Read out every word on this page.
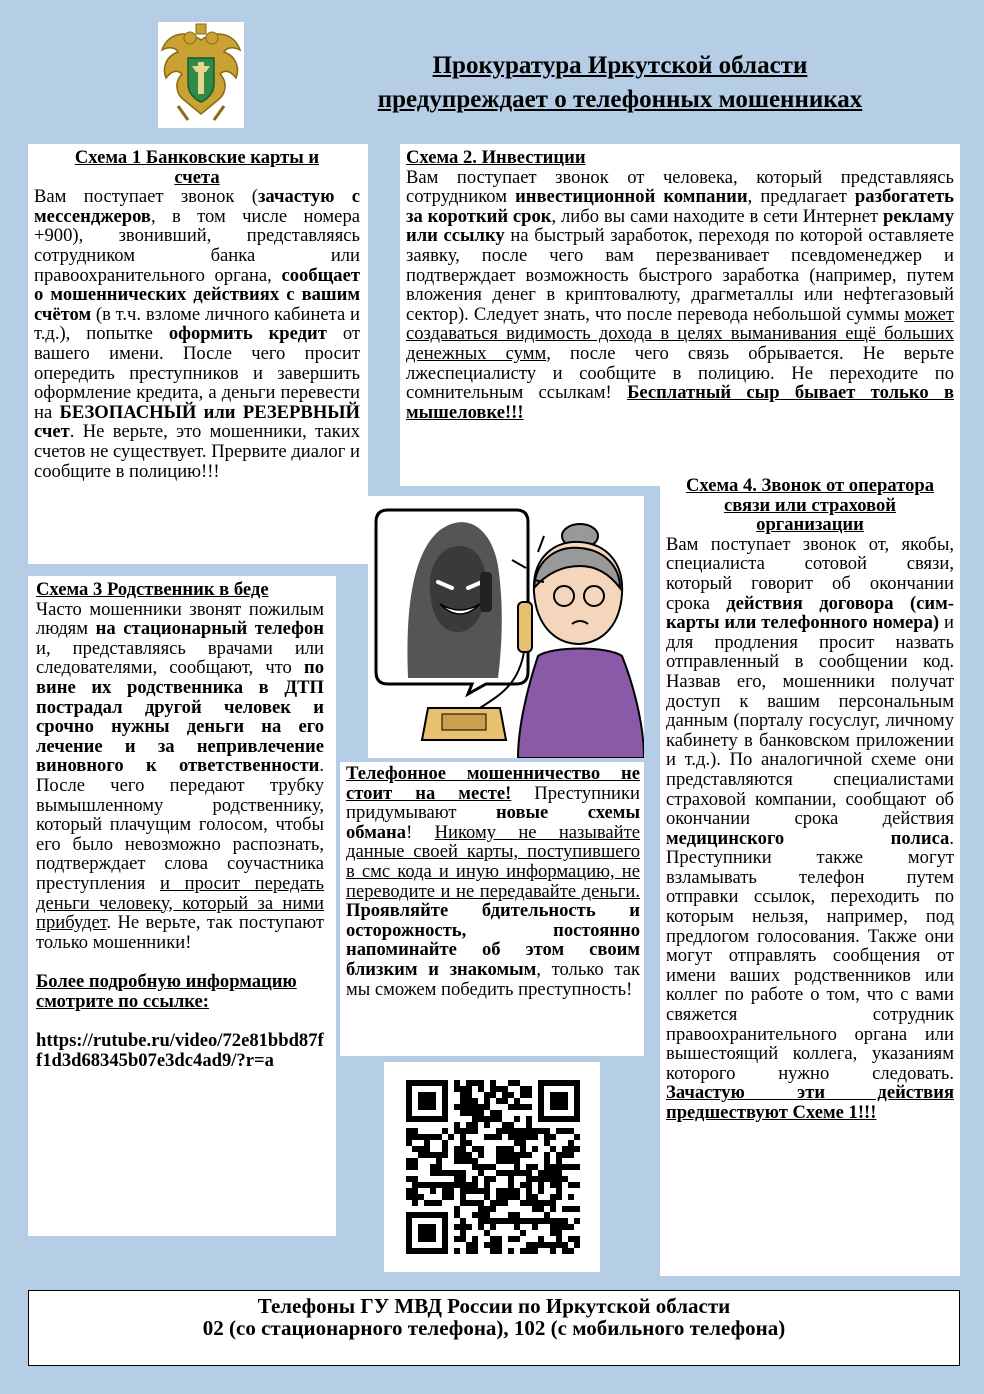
Прокуратура Иркутской области
предупреждает о телефонных мошенниках
Схема 1 Банковские карты и счета

Вам поступает звонок (зачастую с мессенджеров, в том числе номера +900), звонивший, представляясь сотрудником банка или правоохранительного органа, сообщает о мошеннических действиях с вашим счётом (в т.ч. взломе личного кабинета и т.д.), попытке оформить кредит от вашего имени. После чего просит опередить преступников и завершить оформление кредита, а деньги перевести на БЕЗОПАСНЫЙ или РЕЗЕРВНЫЙ счет. Не верьте, это мошенники, таких счетов не существует. Прервите диалог и сообщите в полицию!!!

Схема 2. Инвестиции

Вам поступает звонок от человека, который представляясь сотрудником инвестиционной компании, предлагает разбогатеть за короткий срок, либо вы сами находите в сети Интернет рекламу или ссылку на быстрый заработок, переходя по которой оставляете заявку, после чего вам перезванивает псевдоменеджер и подтверждает возможность быстрого заработка (например, путем вложения денег в криптовалюту, драгметаллы или нефтегазовый сектор). Следует знать, что после перевода небольшой суммы может создаваться видимость дохода в целях выманивания ещё больших денежных сумм, после чего связь обрывается. Не верьте лжеспециалисту и сообщите в полицию. Не переходите по сомнительным ссылкам! Бесплатный сыр бывает только в мышеловке!!!

Схема 3 Родственник в беде

Часто мошенники звонят пожилым людям на стационарный телефон и, представляясь врачами или следователями, сообщают, что по вине их родственника в ДТП пострадал другой человек и срочно нужны деньги на его лечение и за непривлечение виновного к ответственности. После чего передают трубку вымышленному родственнику, который плачущим голосом, чтобы его было невозможно распознать, подтверждает слова соучастника преступления и просит передать деньги человеку, который за ними прибудет. Не верьте, так поступают только мошенники!

Более подробную информацию смотрите по ссылке:

https://rutube.ru/video/72e81bbd87ff1d3d68345b07e3dc4ad9/?r=a

Телефонное мошенничество не стоит на месте! Преступники придумывают новые схемы обмана! Никому не называйте данные своей карты, поступившего в смс кода и иную информацию, не переводите и не передавайте деньги. Проявляйте бдительность и осторожность, постоянно напоминайте об этом своим близким и знакомым, только так мы сможем победить преступность!

Схема 4. Звонок от оператора связи или страховой организации

Вам поступает звонок от, якобы, специалиста сотовой связи, который говорит об окончании срока действия договора (сим-карты или телефонного номера) и для продления просит назвать отправленный в сообщении код. Назвав его, мошенники получат доступ к вашим персональным данным (порталу госуслуг, личному кабинету в банковском приложении и т.д.). По аналогичной схеме они представляются специалистами страховой компании, сообщают об окончании срока действия медицинского полиса. Преступники также могут взламывать телефон путем отправки ссылок, переходить по которым нельзя, например, под предлогом голосования. Также они могут отправлять сообщения от имени ваших родственников или коллег по работе о том, что с вами свяжется сотрудник правоохранительного органа или вышестоящий коллега, указаниям которого нужно следовать. Зачастую эти действия предшествуют Схеме 1!!!

Телефоны ГУ МВД России по Иркутской области
02 (со стационарного телефона), 102 (с мобильного телефона)
